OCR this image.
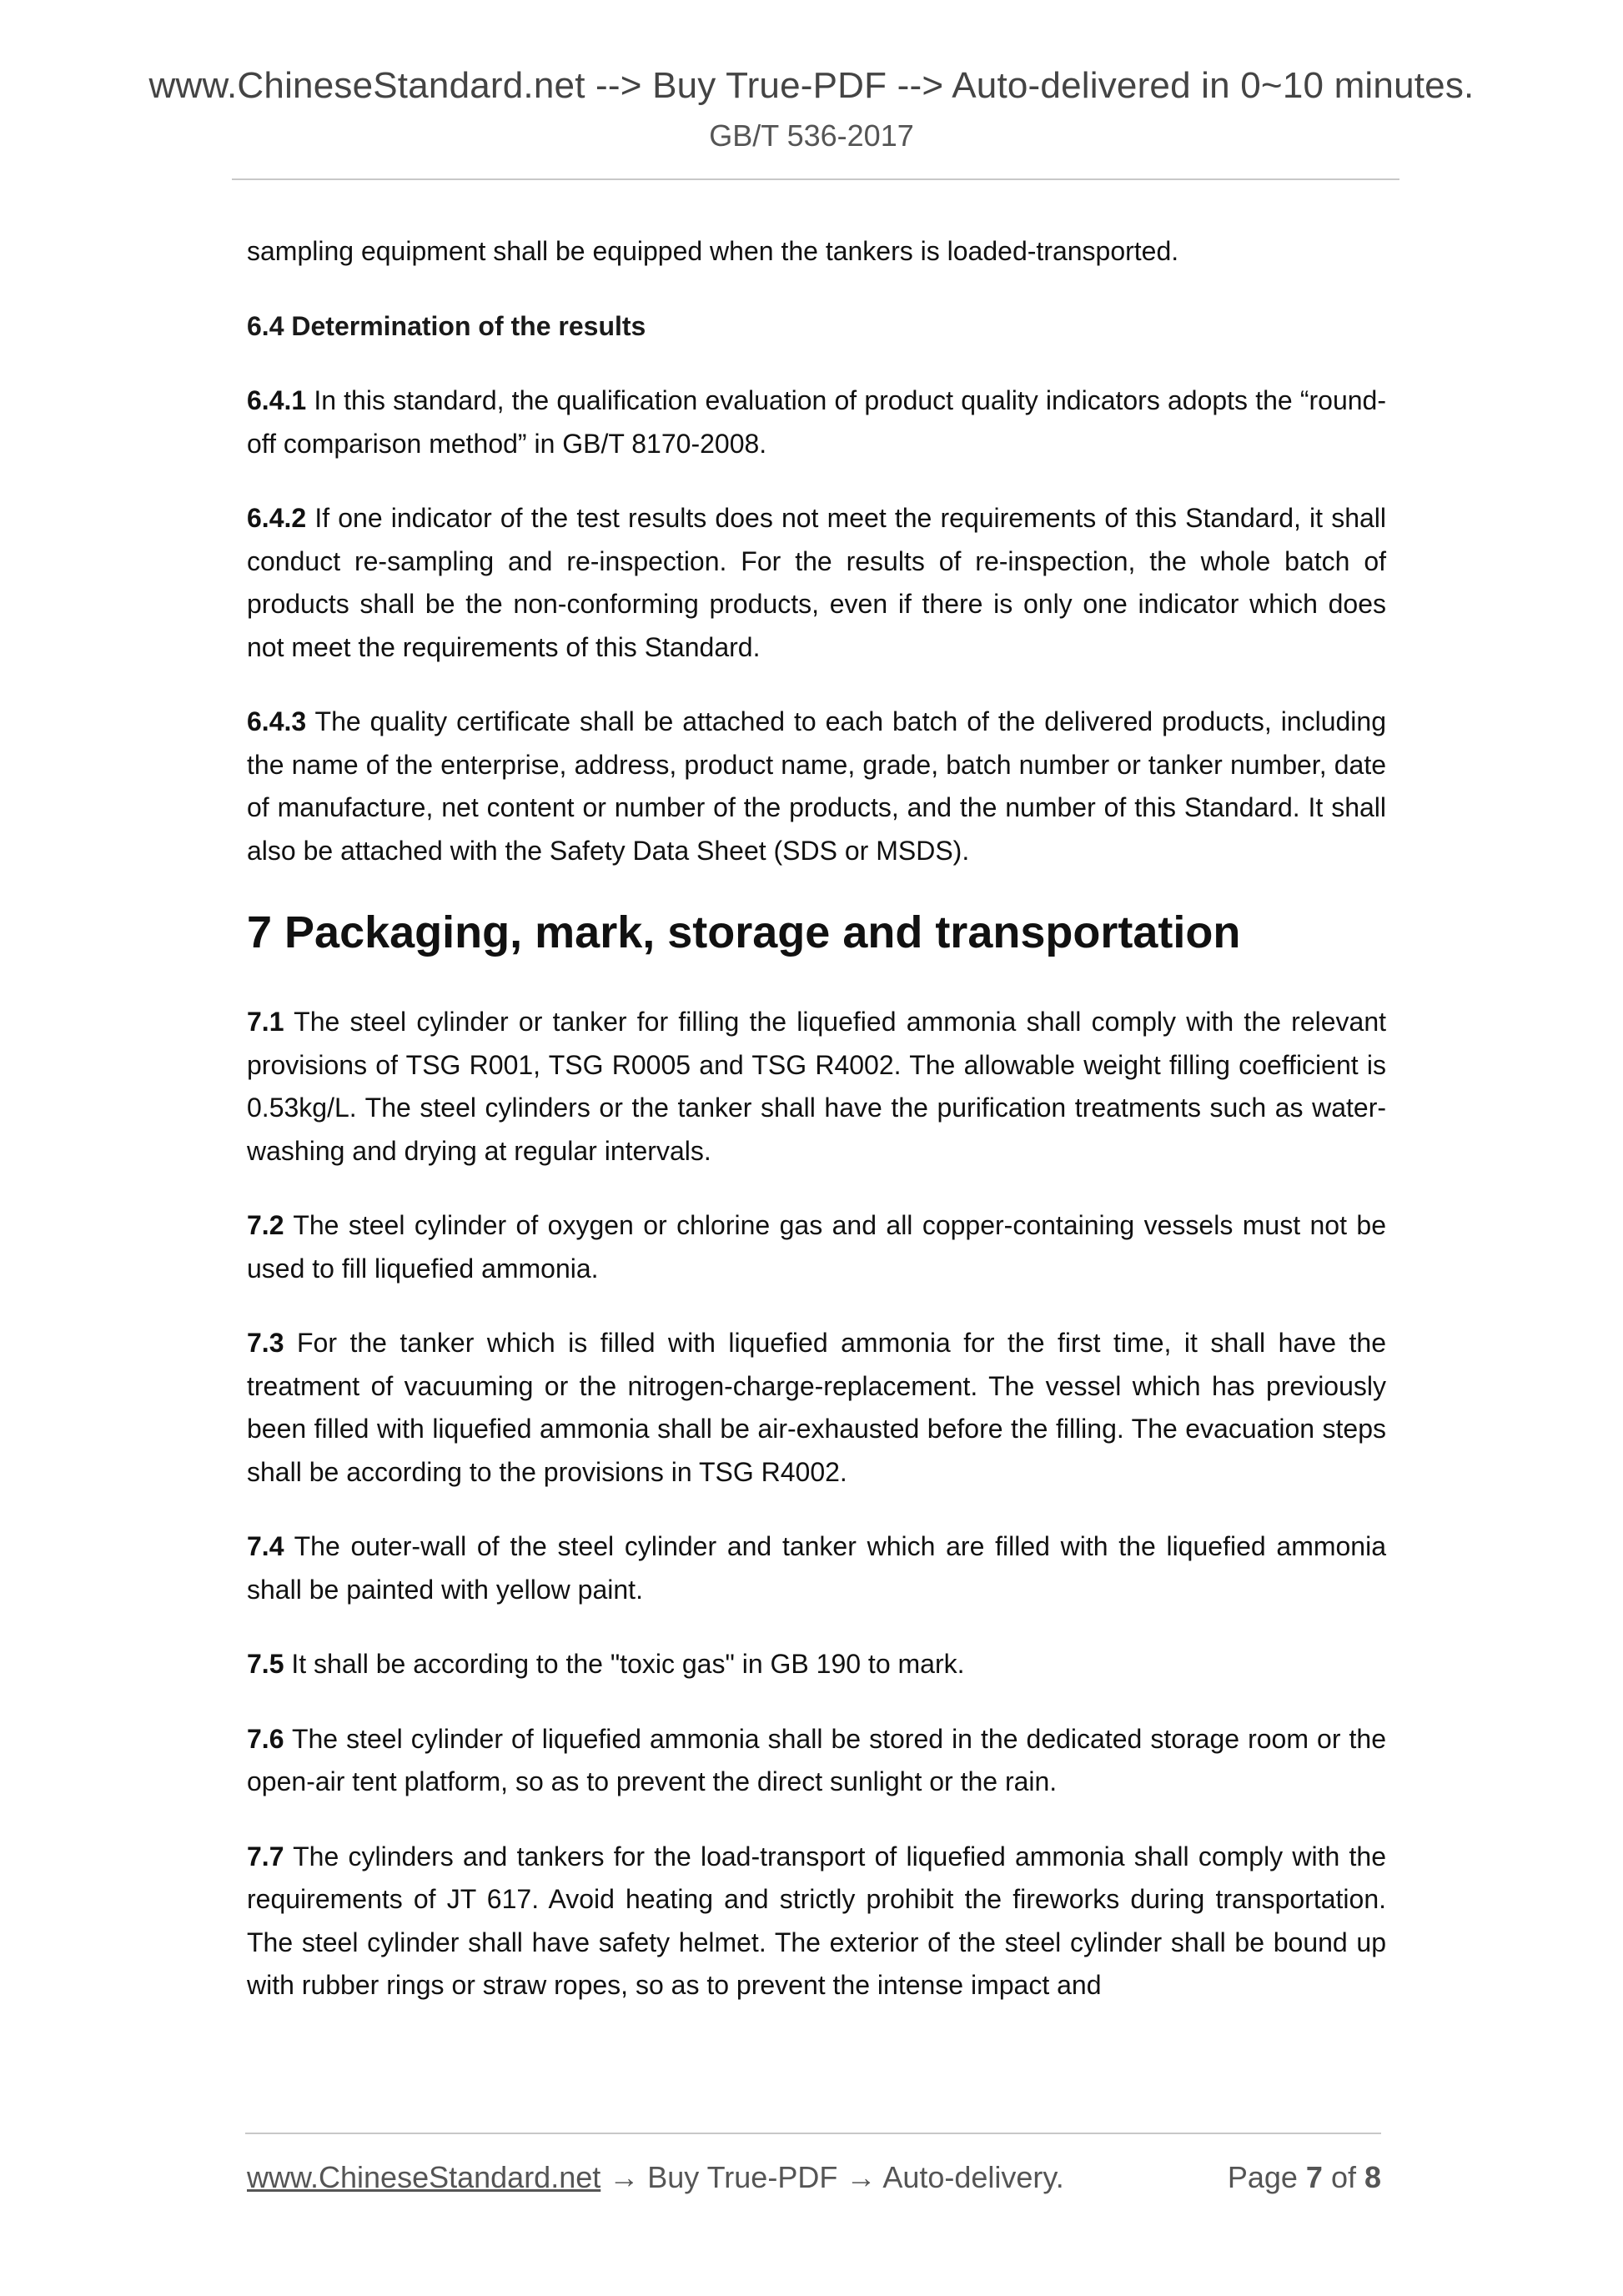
www.ChineseStandard.net --> Buy True-PDF --> Auto-delivered in 0~10 minutes.
GB/T 536-2017

sampling equipment shall be equipped when the tankers is loaded-transported.

6.4 Determination of the results

6.4.1 In this standard, the qualification evaluation of product quality indicators adopts the “round-off comparison method” in GB/T 8170-2008.

6.4.2 If one indicator of the test results does not meet the requirements of this Standard, it shall conduct re-sampling and re-inspection. For the results of re-inspection, the whole batch of products shall be the non-conforming products, even if there is only one indicator which does not meet the requirements of this Standard.

6.4.3 The quality certificate shall be attached to each batch of the delivered products, including the name of the enterprise, address, product name, grade, batch number or tanker number, date of manufacture, net content or number of the products, and the number of this Standard. It shall also be attached with the Safety Data Sheet (SDS or MSDS).

7 Packaging, mark, storage and transportation

7.1 The steel cylinder or tanker for filling the liquefied ammonia shall comply with the relevant provisions of TSG R001, TSG R0005 and TSG R4002. The allowable weight filling coefficient is 0.53kg/L. The steel cylinders or the tanker shall have the purification treatments such as water-washing and drying at regular intervals.

7.2 The steel cylinder of oxygen or chlorine gas and all copper-containing vessels must not be used to fill liquefied ammonia.

7.3 For the tanker which is filled with liquefied ammonia for the first time, it shall have the treatment of vacuuming or the nitrogen-charge-replacement. The vessel which has previously been filled with liquefied ammonia shall be air-exhausted before the filling. The evacuation steps shall be according to the provisions in TSG R4002.

7.4 The outer-wall of the steel cylinder and tanker which are filled with the liquefied ammonia shall be painted with yellow paint.

7.5 It shall be according to the "toxic gas" in GB 190 to mark.

7.6 The steel cylinder of liquefied ammonia shall be stored in the dedicated storage room or the open-air tent platform, so as to prevent the direct sunlight or the rain.

7.7 The cylinders and tankers for the load-transport of liquefied ammonia shall comply with the requirements of JT 617. Avoid heating and strictly prohibit the fireworks during transportation. The steel cylinder shall have safety helmet. The exterior of the steel cylinder shall be bound up with rubber rings or straw ropes, so as to prevent the intense impact and

www.ChineseStandard.net → Buy True-PDF → Auto-delivery.	Page 7 of 8
